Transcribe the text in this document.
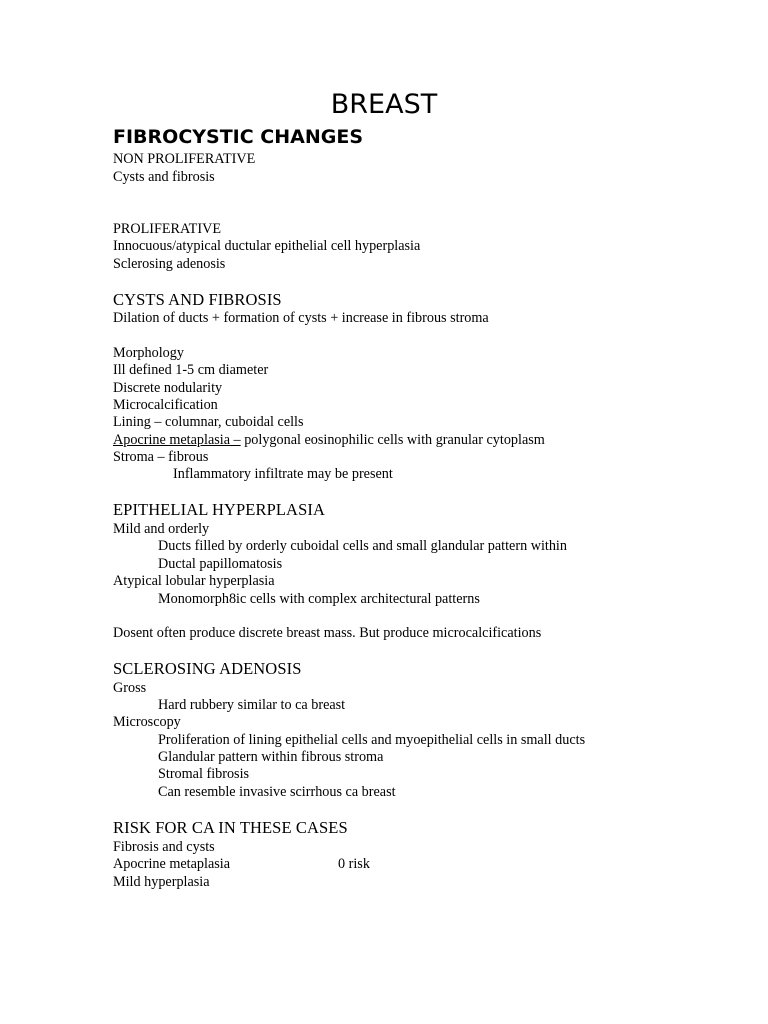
BREAST
FIBROCYSTIC CHANGES
NON PROLIFERATIVE
Cysts and fibrosis
PROLIFERATIVE
Innocuous/atypical ductular epithelial cell hyperplasia
Sclerosing adenosis
CYSTS AND FIBROSIS
Dilation of ducts + formation of cysts + increase in fibrous stroma
Morphology
Ill defined 1-5 cm diameter
Discrete nodularity
Microcalcification
Lining – columnar, cuboidal cells
Apocrine metaplasia – polygonal eosinophilic cells with granular cytoplasm
Stroma – fibrous
Inflammatory infiltrate may be present
EPITHELIAL HYPERPLASIA
Mild and orderly
Ducts filled by orderly cuboidal cells and small glandular pattern within
Ductal papillomatosis
Atypical lobular hyperplasia
Monomorph8ic cells with complex architectural patterns
Dosent often produce discrete breast mass. But produce microcalcifications
SCLEROSING ADENOSIS
Gross
Hard rubbery similar to ca breast
Microscopy
Proliferation of lining epithelial cells and myoepithelial cells in small ducts
Glandular pattern within fibrous stroma
Stromal fibrosis
Can resemble invasive scirrhous ca breast
RISK FOR CA IN THESE CASES
Fibrosis and cysts
Apocrine metaplasia	0 risk
Mild hyperplasia
